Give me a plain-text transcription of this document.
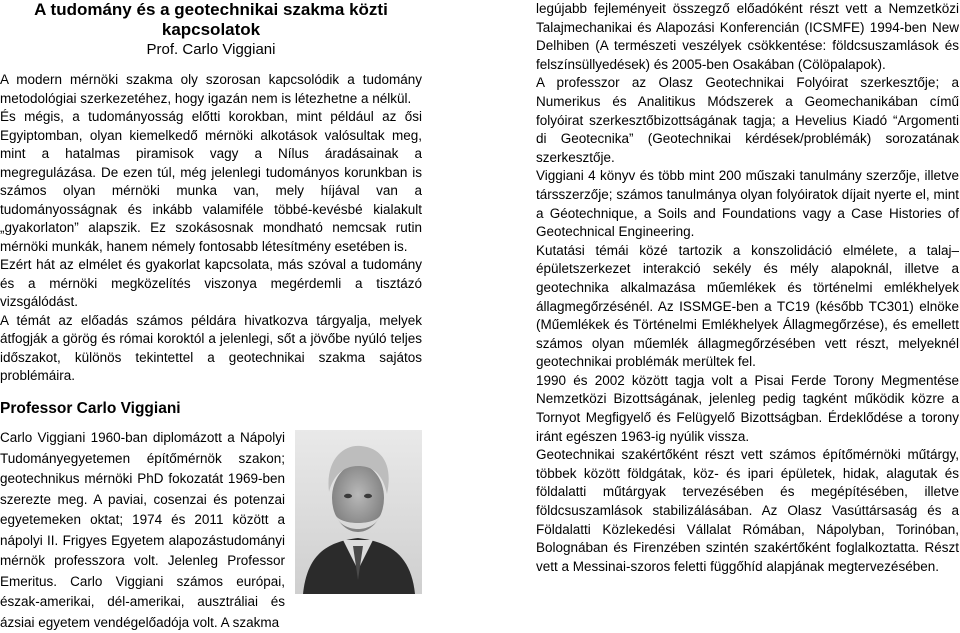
A tudomány és a geotechnikai szakma közti kapcsolatok
Prof. Carlo Viggiani

A modern mérnöki szakma oly szorosan kapcsolódik a tudomány metodológiai szerkezetéhez, hogy igazán nem is létezhetne a nélkül.

És mégis, a tudományosság előtti korokban, mint például az ősi Egyiptomban, olyan kiemelkedő mérnöki alkotások valósultak meg, mint a hatalmas piramisok vagy a Nílus áradásainak a megregulázása. De ezen túl, még jelenlegi tudományos korunkban is számos olyan mérnöki munka van, mely híjával van a tudományosságnak és inkább valamiféle többé-kevésbé kialakult „gyakorlaton” alapszik. Ez szokásosnak mondható nemcsak rutin mérnöki munkák, hanem némely fontosabb létesítmény esetében is.

Ezért hát az elmélet és gyakorlat kapcsolata, más szóval a tudomány és a mérnöki megközelítés viszonya megérdemli a tisztázó vizsgálódást.

A témát az előadás számos példára hivatkozva tárgyalja, melyek átfogják a görög és római koroktól a jelenlegi, sőt a jövőbe nyúló teljes időszakot, különös tekintettel a geotechnikai szakma sajátos problémáira.

Professor Carlo Viggiani
Carlo Viggiani 1960-ban diplomázott a Nápolyi Tudományegyetemen építőmérnök szakon; geotechnikus mérnöki PhD fokozatát 1969-ben szerezte meg. A paviai, cosenzai és potenzai egyetemeken oktat; 1974 és 2011 között a nápolyi II. Frigyes Egyetem alapozástudományi mérnök professzora volt. Jelenleg Professor Emeritus. Carlo Viggiani számos európai, észak-amerikai, dél-amerikai, ausztráliai és ázsiai egyetem vendégelőadója volt. A szakma

legújabb fejleményeit összegző előadóként részt vett a Nemzetközi Talajmechanikai és Alapozási Konferencián (ICSMFE) 1994-ben New Delhiben (A természeti veszélyek csökkentése: földcsuszamlások és felszínsüllyedések) és 2005-ben Osakában (Cölöpalapok).

A professzor az Olasz Geotechnikai Folyóirat szerkesztője; a Numerikus és Analitikus Módszerek a Geomechanikában című folyóirat szerkesztőbizottságának tagja; a Hevelius Kiadó “Argomenti di Geotecnika” (Geotechnikai kérdések/problémák) sorozatának szerkesztője.

Viggiani 4 könyv és több mint 200 műszaki tanulmány szerzője, illetve társszerzője; számos tanulmánya olyan folyóiratok díjait nyerte el, mint a Géotechnique, a Soils and Foundations vagy a Case Histories of Geotechnical Engineering.

Kutatási témái közé tartozik a konszolidáció elmélete, a talaj–épületszerkezet interakció sekély és mély alapoknál, illetve a geotechnika alkalmazása műemlékek és történelmi emlékhelyek állagmegőrzésénél. Az ISSMGE-ben a TC19 (később TC301) elnöke (Műemlékek és Történelmi Emlékhelyek Állagmegőrzése), és emellett számos olyan műemlék állagmegőrzésében vett részt, melyeknél geotechnikai problémák merültek fel.

1990 és 2002 között tagja volt a Pisai Ferde Torony Megmentése Nemzetközi Bizottságának, jelenleg pedig tagként működik közre a Tornyot Megfigyelő és Felügyelő Bizottságban. Érdeklődése a torony iránt egészen 1963-ig nyúlik vissza.

Geotechnikai szakértőként részt vett számos építőmérnöki műtárgy, többek között földgátak, köz- és ipari épületek, hidak, alagutak és földalatti műtárgyak tervezésében és megépítésében, illetve földcsuszamlások stabilizálásában. Az Olasz Vasúttársaság és a Földalatti Közlekedési Vállalat Rómában, Nápolyban, Torinóban, Bolognában és Firenzében szintén szakértőként foglalkoztatta. Részt vett a Messinai-szoros feletti függőhíd alapjának megtervezésében.
